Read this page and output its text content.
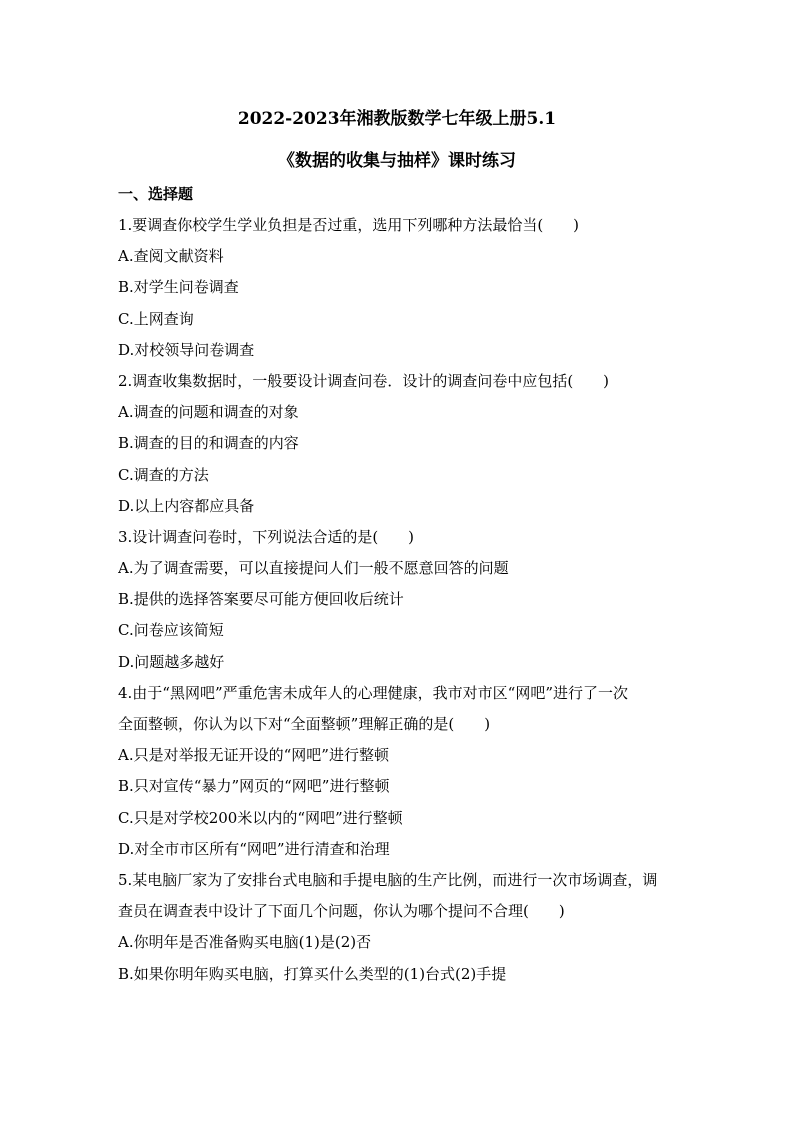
2022-2023年湘教版数学七年级上册5.1
《数据的收集与抽样》课时练习
一、选择题
1.要调查你校学生学业负担是否过重，选用下列哪种方法最恰当(　　)
A.查阅文献资料
B.对学生问卷调查
C.上网查询
D.对校领导问卷调查
2.调查收集数据时，一般要设计调查问卷．设计的调查问卷中应包括(　　)
A.调查的问题和调查的对象
B.调查的目的和调查的内容
C.调查的方法
D.以上内容都应具备
3.设计调查问卷时，下列说法合适的是(　　)
A.为了调查需要，可以直接提问人们一般不愿意回答的问题
B.提供的选择答案要尽可能方便回收后统计
C.问卷应该简短
D.问题越多越好
4.由于“黑网吧”严重危害未成年人的心理健康，我市对市区“网吧”进行了一次
全面整顿，你认为以下对“全面整顿”理解正确的是(　　)
A.只是对举报无证开设的“网吧”进行整顿
B.只对宣传“暴力”网页的“网吧”进行整顿
C.只是对学校200米以内的“网吧”进行整顿
D.对全市市区所有“网吧”进行清查和治理
5.某电脑厂家为了安排台式电脑和手提电脑的生产比例，而进行一次市场调查，调
查员在调查表中设计了下面几个问题，你认为哪个提问不合理(　　)
A.你明年是否准备购买电脑(1)是(2)否
B.如果你明年购买电脑，打算买什么类型的(1)台式(2)手提
